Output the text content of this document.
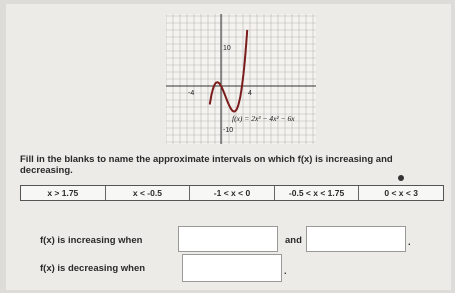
-4	4
10
-10
f(x) = 2x³ − 4x² − 6x
Fill in the blanks to name the approximate intervals on which f(x) is increasing and decreasing.
x > 1.75	x < -0.5	-1 < x < 0	-0.5 < x < 1.75	0 < x < 3
f(x) is increasing when	and	.
f(x) is decreasing when	.
